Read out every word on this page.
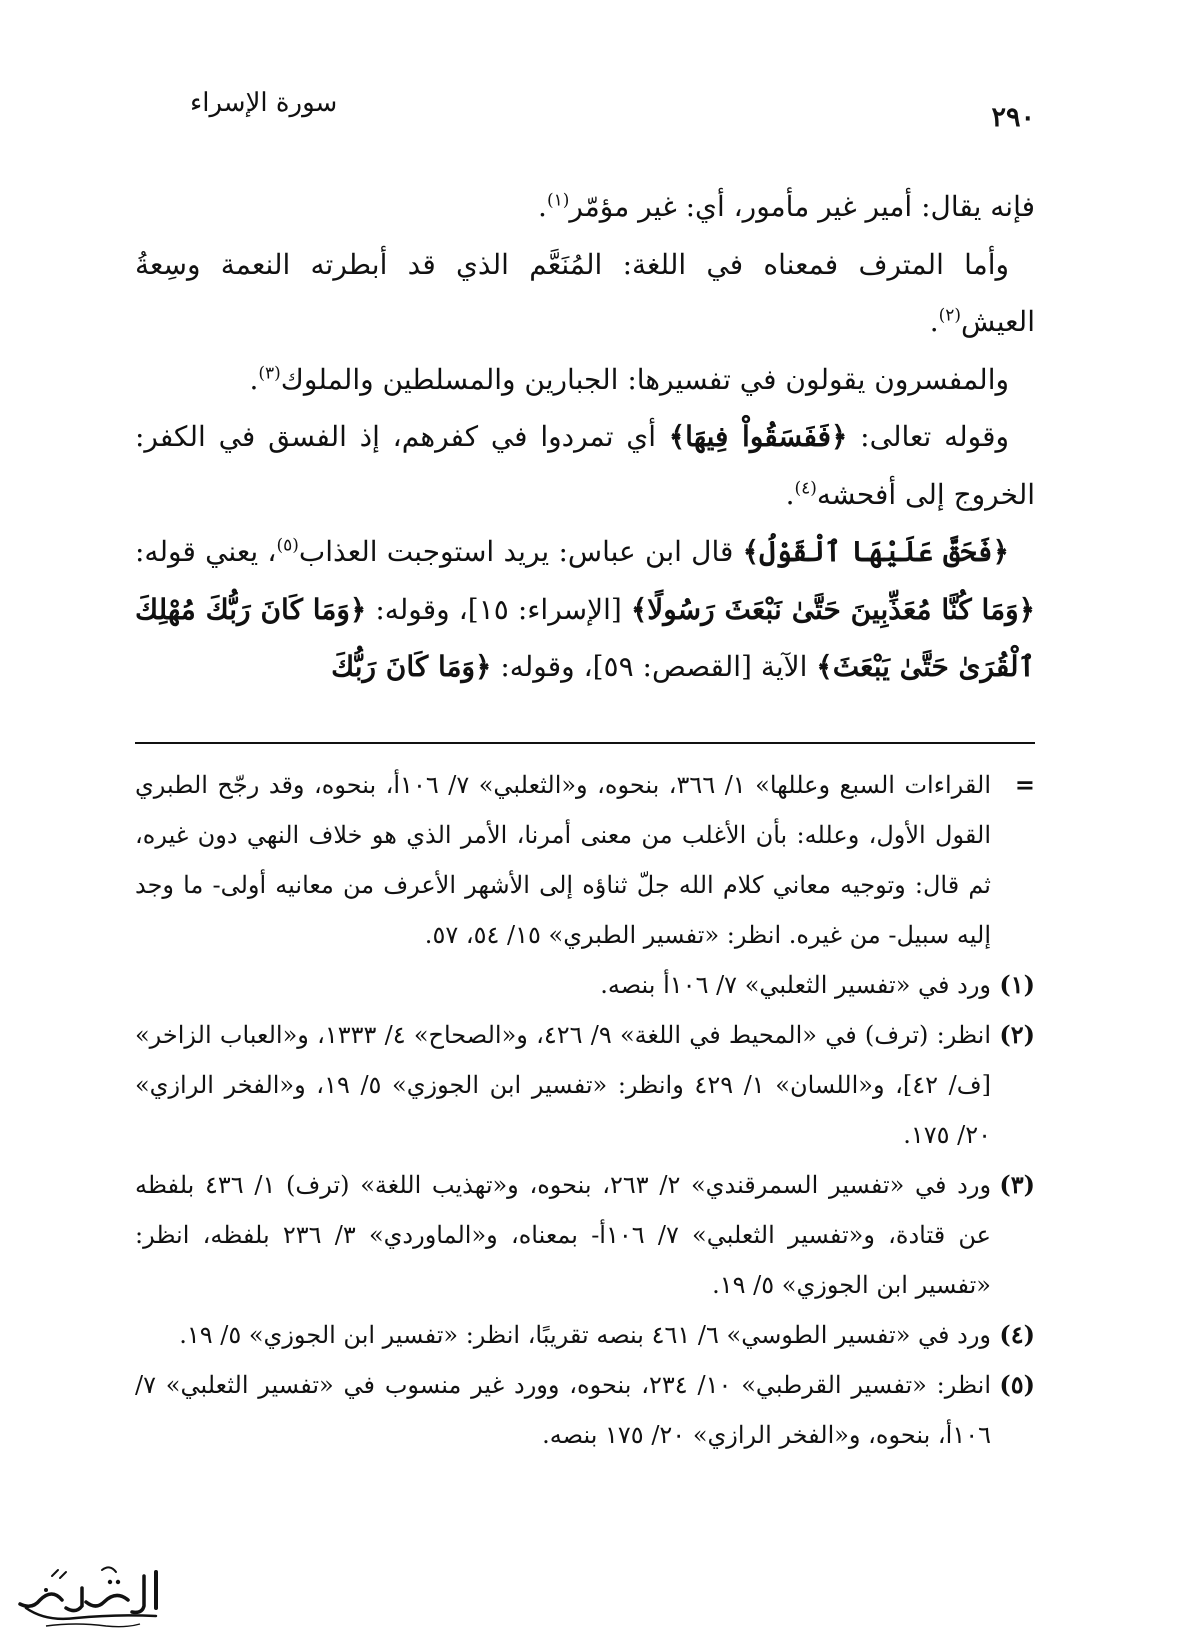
٢٩٠
سورة الإسراء

فإنه يقال: أمير غير مأمور، أي: غير مؤمّر$^{(١)}$.

وأما المترف فمعناه في اللغة: المُنَعَّم الذي قد أبطرته النعمة وسِعةُ العيش$^{(٢)}$.

والمفسرون يقولون في تفسيرها: الجبارين والمسلطين والملوك$^{(٣)}$.

وقوله تعالى: ﴿فَفَسَقُواْ فِيهَا﴾ أي تمردوا في كفرهم، إذ الفسق في الكفر: الخروج إلى أفحشه$^{(٤)}$.

﴿فَحَقَّ عَلَيْهَا ٱلْقَوْلُ﴾ قال ابن عباس: يريد استوجبت العذاب$^{(٥)}$، يعني قوله: ﴿وَمَا كُنَّا مُعَذِّبِينَ حَتَّىٰ نَبْعَثَ رَسُولًا﴾ [الإسراء: ١٥]، وقوله: ﴿وَمَا كَانَ رَبُّكَ مُهْلِكَ ٱلْقُرَىٰ حَتَّىٰ يَبْعَثَ﴾ الآية [القصص: ٥٩]، وقوله: ﴿وَمَا كَانَ رَبُّكَ

=
القراءات السبع وعللها» ١/ ٣٦٦، بنحوه، و«الثعلبي» ٧/ ١٠٦أ، بنحوه، وقد رجّح الطبري القول الأول، وعلله: بأن الأغلب من معنى أمرنا، الأمر الذي هو خلاف النهي دون غيره، ثم قال: وتوجيه معاني كلام الله جلّ ثناؤه إلى الأشهر الأعرف من معانيه أولى- ما وجد إليه سبيل- من غيره. انظر: «تفسير الطبري» ١٥/ ٥٤، ٥٧.
(١)
ورد في «تفسير الثعلبي» ٧/ ١٠٦أ بنصه.
(٢)
انظر: (ترف) في «المحيط في اللغة» ٩/ ٤٢٦، و«الصحاح» ٤/ ١٣٣٣، و«العباب الزاخر» [ف/ ٤٢]، و«اللسان» ١/ ٤٢٩ وانظر: «تفسير ابن الجوزي» ٥/ ١٩، و«الفخر الرازي» ٢٠/ ١٧٥.
(٣)
ورد في «تفسير السمرقندي» ٢/ ٢٦٣، بنحوه، و«تهذيب اللغة» (ترف) ١/ ٤٣٦ بلفظه عن قتادة، و«تفسير الثعلبي» ٧/ ١٠٦أ- بمعناه، و«الماوردي» ٣/ ٢٣٦ بلفظه، انظر: «تفسير ابن الجوزي» ٥/ ١٩.
(٤)
ورد في «تفسير الطوسي» ٦/ ٤٦١ بنصه تقريبًا، انظر: «تفسير ابن الجوزي» ٥/ ١٩.
(٥)
انظر: «تفسير القرطبي» ١٠/ ٢٣٤، بنحوه، وورد غير منسوب في «تفسير الثعلبي» ٧/ ١٠٦أ، بنحوه، و«الفخر الرازي» ٢٠/ ١٧٥ بنصه.
